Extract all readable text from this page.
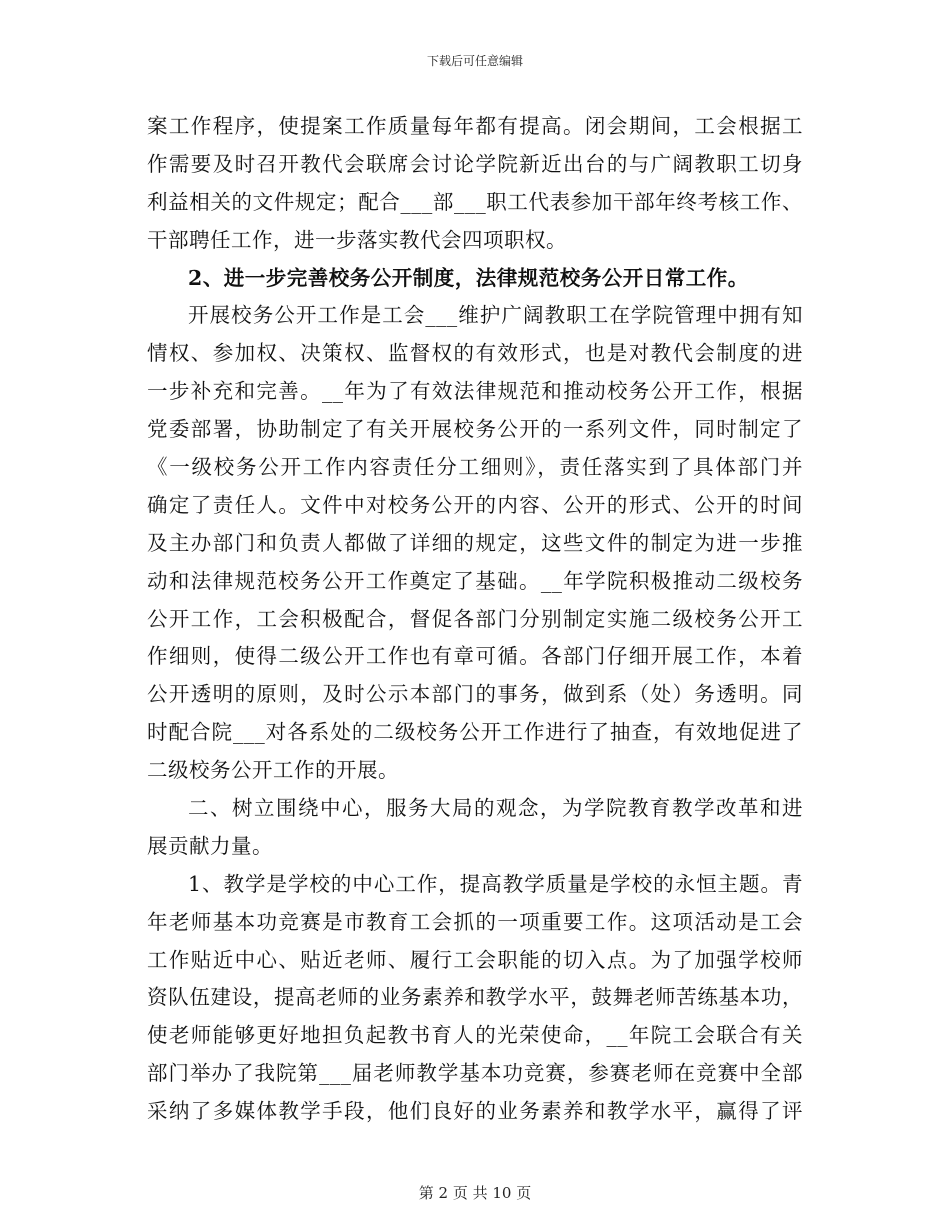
下载后可任意编辑
案工作程序，使提案工作质量每年都有提高。闭会期间，工会根据工
作需要及时召开教代会联席会讨论学院新近出台的与广阔教职工切身
利益相关的文件规定；配合___部___职工代表参加干部年终考核工作、
干部聘任工作，进一步落实教代会四项职权。
2、进一步完善校务公开制度，法律规范校务公开日常工作。
开展校务公开工作是工会___维护广阔教职工在学院管理中拥有知
情权、参加权、决策权、监督权的有效形式，也是对教代会制度的进
一步补充和完善。__年为了有效法律规范和推动校务公开工作，根据
党委部署，协助制定了有关开展校务公开的一系列文件，同时制定了
《一级校务公开工作内容责任分工细则》，责任落实到了具体部门并
确定了责任人。文件中对校务公开的内容、公开的形式、公开的时间
及主办部门和负责人都做了详细的规定，这些文件的制定为进一步推
动和法律规范校务公开工作奠定了基础。__年学院积极推动二级校务
公开工作，工会积极配合，督促各部门分别制定实施二级校务公开工
作细则，使得二级公开工作也有章可循。各部门仔细开展工作，本着
公开透明的原则，及时公示本部门的事务，做到系（处）务透明。同
时配合院___对各系处的二级校务公开工作进行了抽查，有效地促进了
二级校务公开工作的开展。
二、树立围绕中心，服务大局的观念，为学院教育教学改革和进
展贡献力量。
1、教学是学校的中心工作，提高教学质量是学校的永恒主题。青
年老师基本功竞赛是市教育工会抓的一项重要工作。这项活动是工会
工作贴近中心、贴近老师、履行工会职能的切入点。为了加强学校师
资队伍建设，提高老师的业务素养和教学水平，鼓舞老师苦练基本功，
使老师能够更好地担负起教书育人的光荣使命，__年院工会联合有关
部门举办了我院第___届老师教学基本功竞赛，参赛老师在竞赛中全部
采纳了多媒体教学手段，他们良好的业务素养和教学水平，赢得了评
第 2 页 共 10 页
